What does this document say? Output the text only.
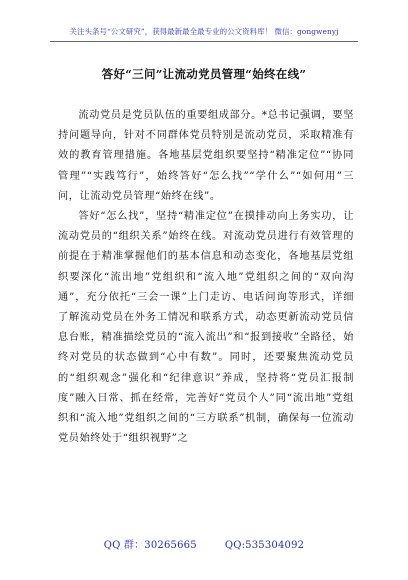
关注头条号“公文研究”，获得最新最全最专业的公文资料库！ 微信：gongwenyj
答好“三问”让流动党员管理“始终在线”

流动党员是党员队伍的重要组成部分。*总书记强调，要坚持问题导向，针对不同群体党员特别是流动党员，采取精准有效的教育管理措施。各地基层党组织要坚持“精准定位”“协同管理”“实践笃行”，始终答好“怎么找”“学什么”“如何用”三问，让流动党员管理“始终在线”。

答好“怎么找”，坚持“精准定位”在摸排动向上务实功，让流动党员的“组织关系”始终在线。对流动党员进行有效管理的前提在于精准掌握他们的基本信息和动态变化，各地基层党组织要深化“流出地”党组织和“流入地”党组织之间的“双向沟通”，充分依托“三会一课”上门走访、电话问询等形式，详细了解流动党员在外务工情况和联系方式，动态更新流动党员信息台账，精准描绘党员的“流入流出”和“报到接收”全路径，始终对党员的状态做到“心中有数”。同时，还要聚焦流动党员的“组织观念”强化和“纪律意识”养成，坚持将“党员汇报制度”融入日常、抓在经常，完善好“党员个人”同“流出地”党组织和“流入地”党组织之间的“三方联系”机制，确保每一位流动党员始终处于“组织视野”之

QQ 群：30265665	QQ:535304092
